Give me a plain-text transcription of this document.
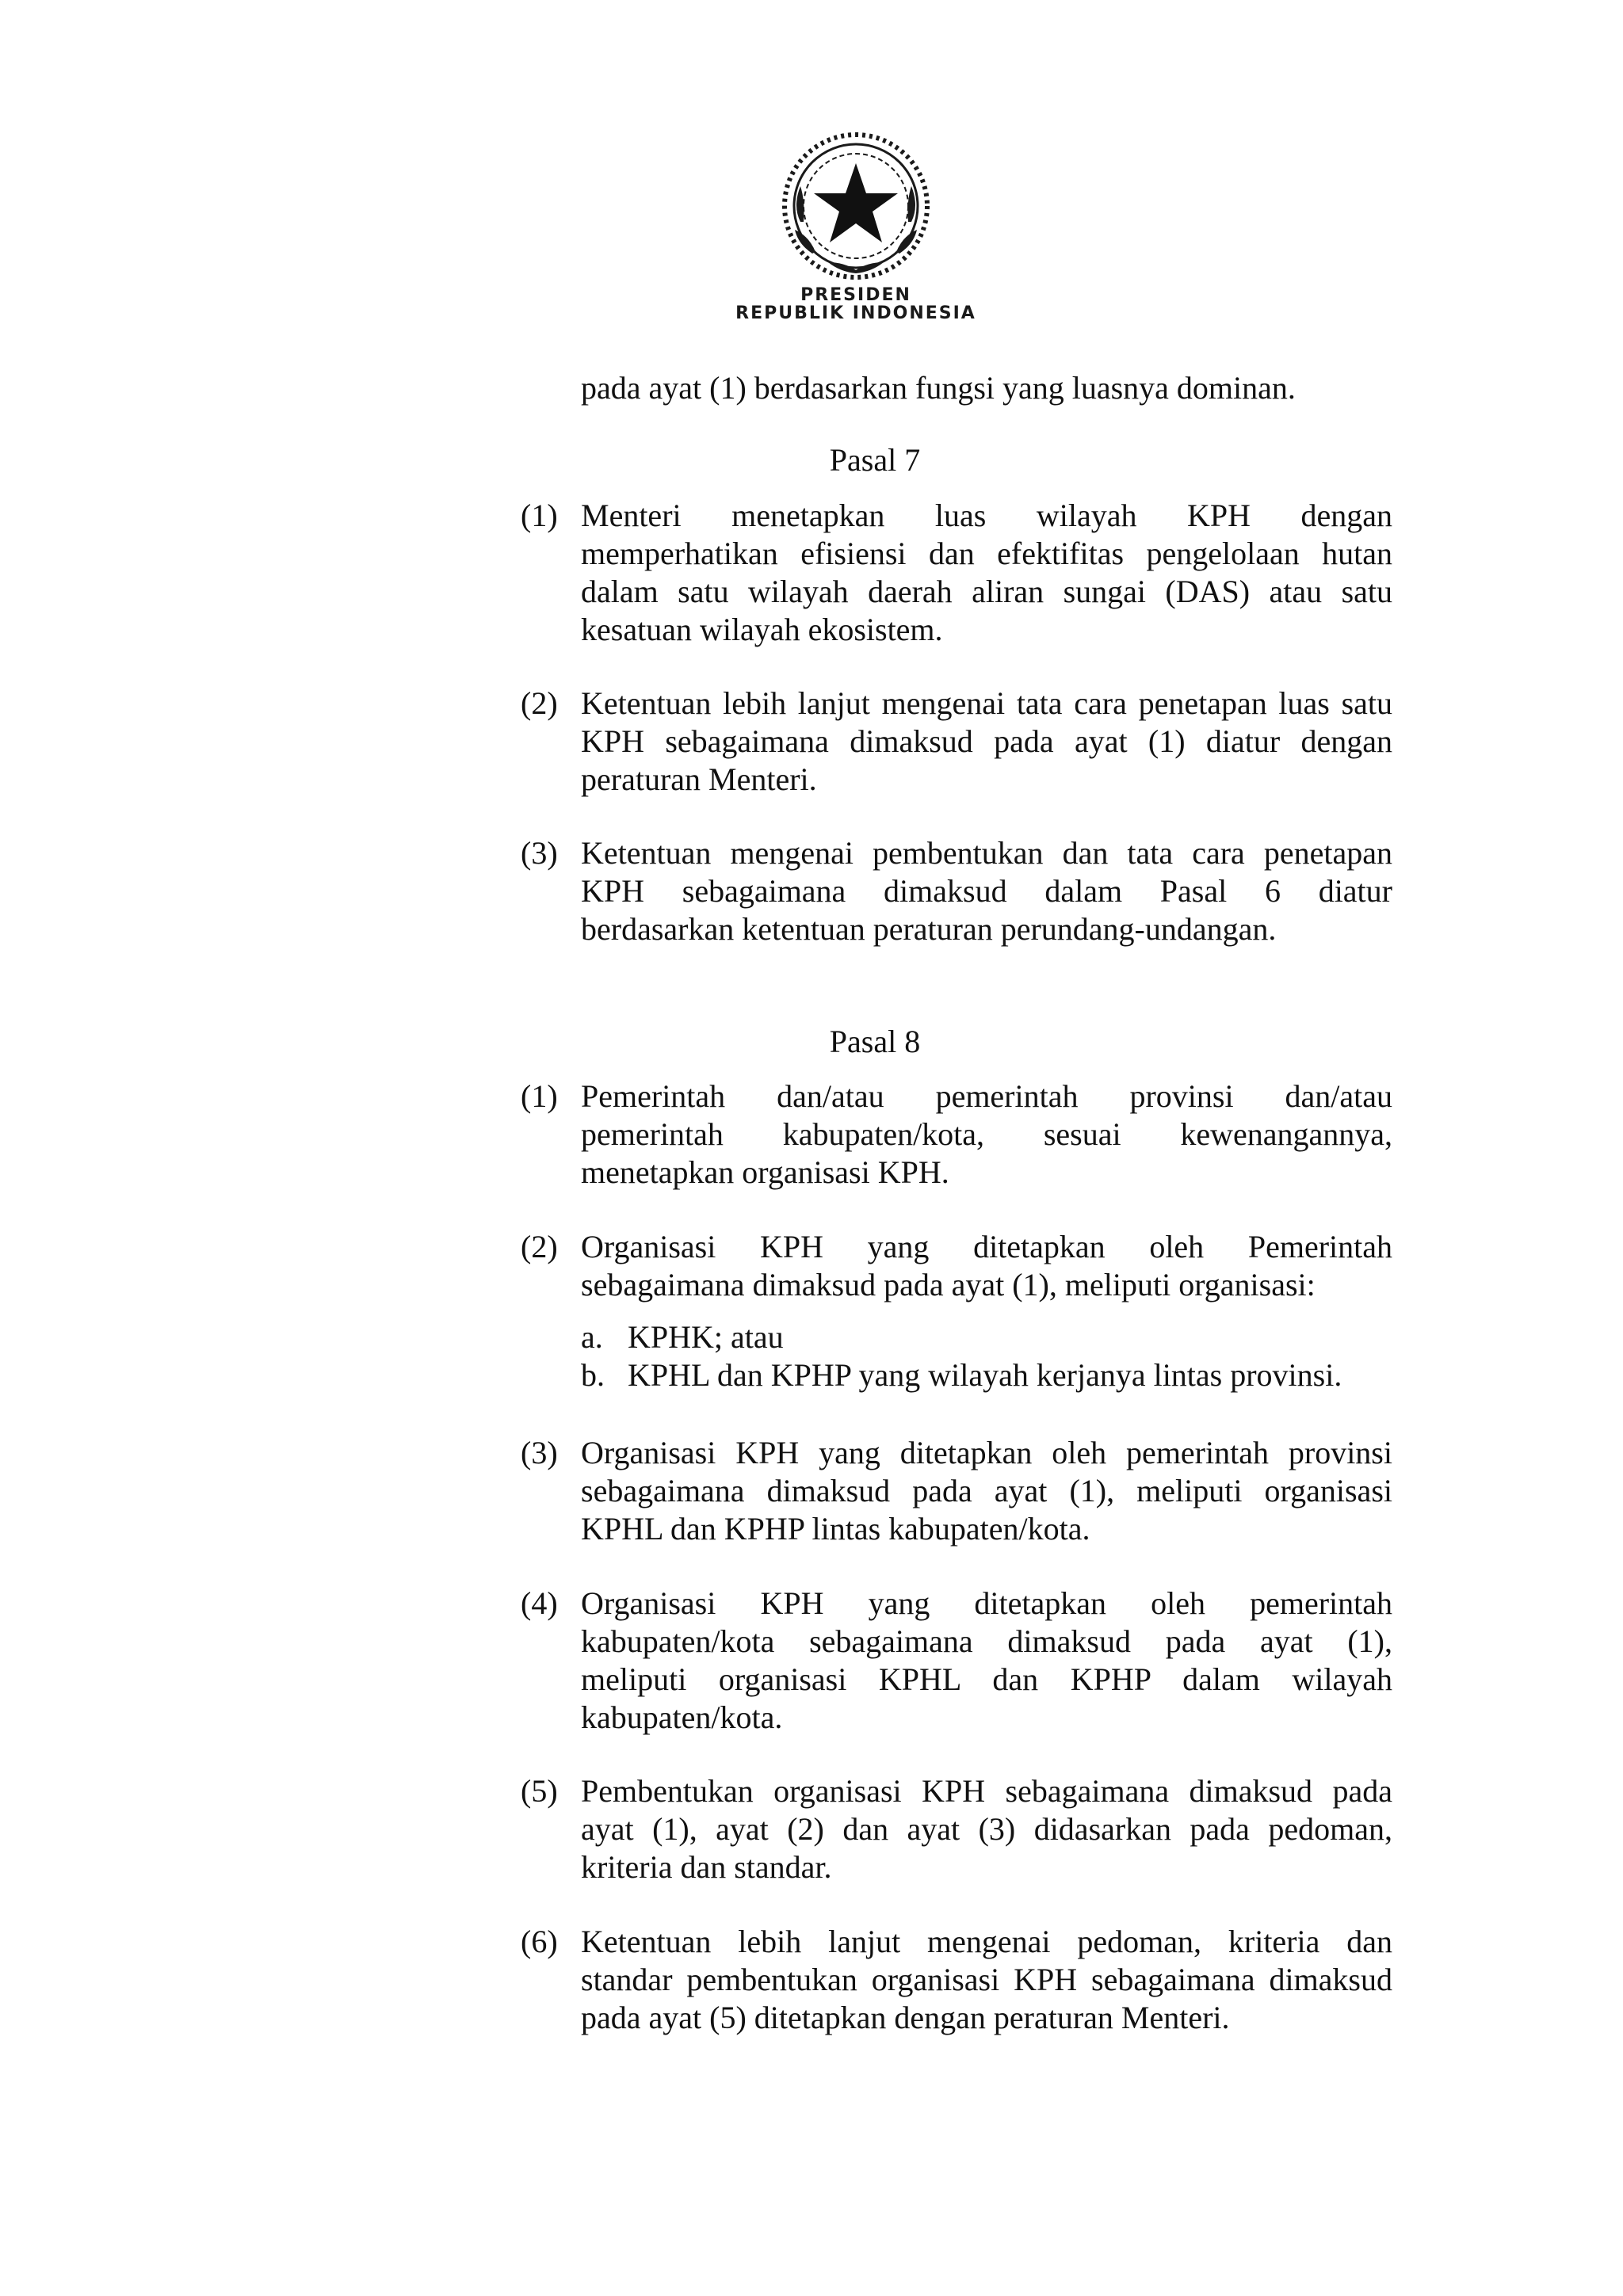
PRESIDEN
REPUBLIK INDONESIA
pada ayat (1) berdasarkan fungsi yang luasnya dominan.
Pasal 7
(1) Menteri menetapkan luas wilayah KPH dengan
memperhatikan efisiensi dan efektifitas pengelolaan hutan
dalam satu wilayah daerah aliran sungai (DAS) atau satu
kesatuan wilayah ekosistem.
(2) Ketentuan lebih lanjut mengenai tata cara penetapan luas satu
KPH sebagaimana dimaksud pada ayat (1) diatur dengan
peraturan Menteri.
(3) Ketentuan mengenai pembentukan dan tata cara penetapan
KPH sebagaimana dimaksud dalam Pasal 6 diatur
berdasarkan ketentuan peraturan perundang-undangan.
Pasal 8
(1) Pemerintah dan/atau pemerintah provinsi dan/atau
pemerintah kabupaten/kota, sesuai kewenangannya,
menetapkan organisasi KPH.
(2) Organisasi KPH yang ditetapkan oleh Pemerintah
sebagaimana dimaksud pada ayat (1), meliputi organisasi:
a. KPHK; atau
b. KPHL dan KPHP yang wilayah kerjanya lintas provinsi.
(3) Organisasi KPH yang ditetapkan oleh pemerintah provinsi
sebagaimana dimaksud pada ayat (1), meliputi organisasi
KPHL dan KPHP lintas kabupaten/kota.
(4) Organisasi KPH yang ditetapkan oleh pemerintah
kabupaten/kota sebagaimana dimaksud pada ayat (1),
meliputi organisasi KPHL dan KPHP dalam wilayah
kabupaten/kota.
(5) Pembentukan organisasi KPH sebagaimana dimaksud pada
ayat (1), ayat (2) dan ayat (3) didasarkan pada pedoman,
kriteria dan standar.
(6) Ketentuan lebih lanjut mengenai pedoman, kriteria dan
standar pembentukan organisasi KPH sebagaimana dimaksud
pada ayat (5) ditetapkan dengan peraturan Menteri.
